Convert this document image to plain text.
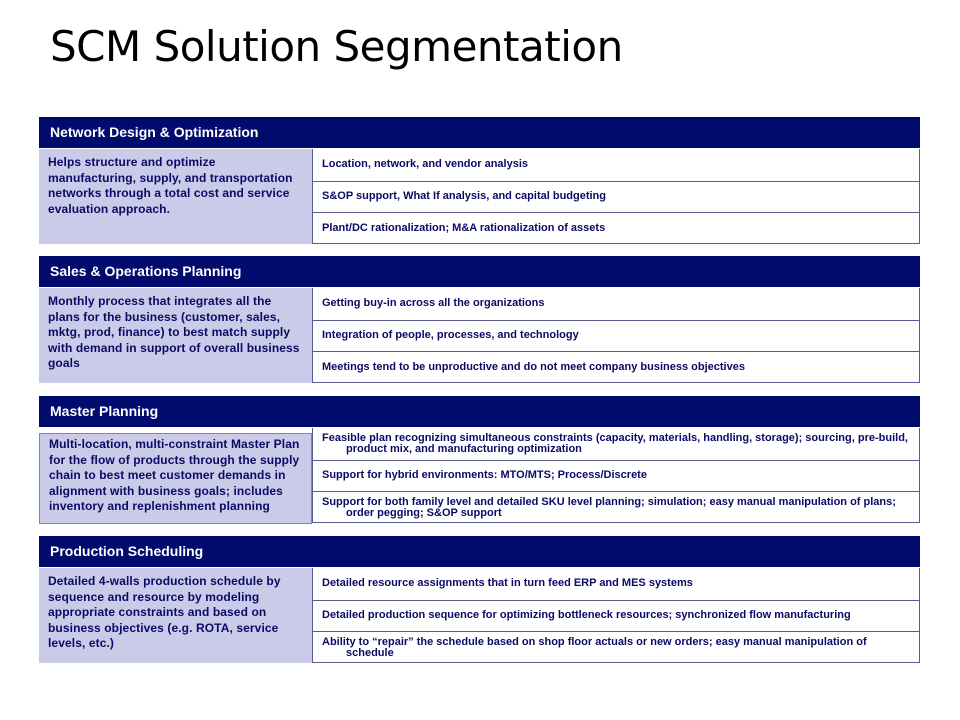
SCM Solution Segmentation
Network Design & Optimization
Helps structure and optimize manufacturing, supply, and transportation networks through a total cost and service evaluation approach.
Location, network, and vendor analysis
S&OP support, What If analysis, and capital budgeting
Plant/DC rationalization; M&A rationalization of assets
Sales & Operations Planning
Monthly process that integrates all the plans for the business (customer, sales, mktg, prod, finance) to best match supply with demand in support of overall business goals
Getting buy-in across all the organizations
Integration of people, processes, and technology
Meetings tend to be unproductive and do not meet company business objectives
Master Planning
Multi-location, multi-constraint Master Plan for the flow of products through the supply chain to best meet customer demands in alignment with business goals; includes inventory and replenishment planning
Feasible plan recognizing simultaneous constraints (capacity, materials, handling, storage); sourcing, pre-build, product mix, and manufacturing optimization
Support for hybrid environments: MTO/MTS; Process/Discrete
Support for both family level and detailed SKU level planning; simulation; easy manual manipulation of plans; order pegging; S&OP support
Production Scheduling
Detailed 4-walls production schedule by sequence and resource by modeling appropriate constraints and based on business objectives (e.g. ROTA, service levels, etc.)
Detailed resource assignments that in turn feed ERP and MES systems
Detailed production sequence for optimizing bottleneck resources; synchronized flow manufacturing
Ability to “repair” the schedule based on shop floor actuals or new orders; easy manual manipulation of schedule
